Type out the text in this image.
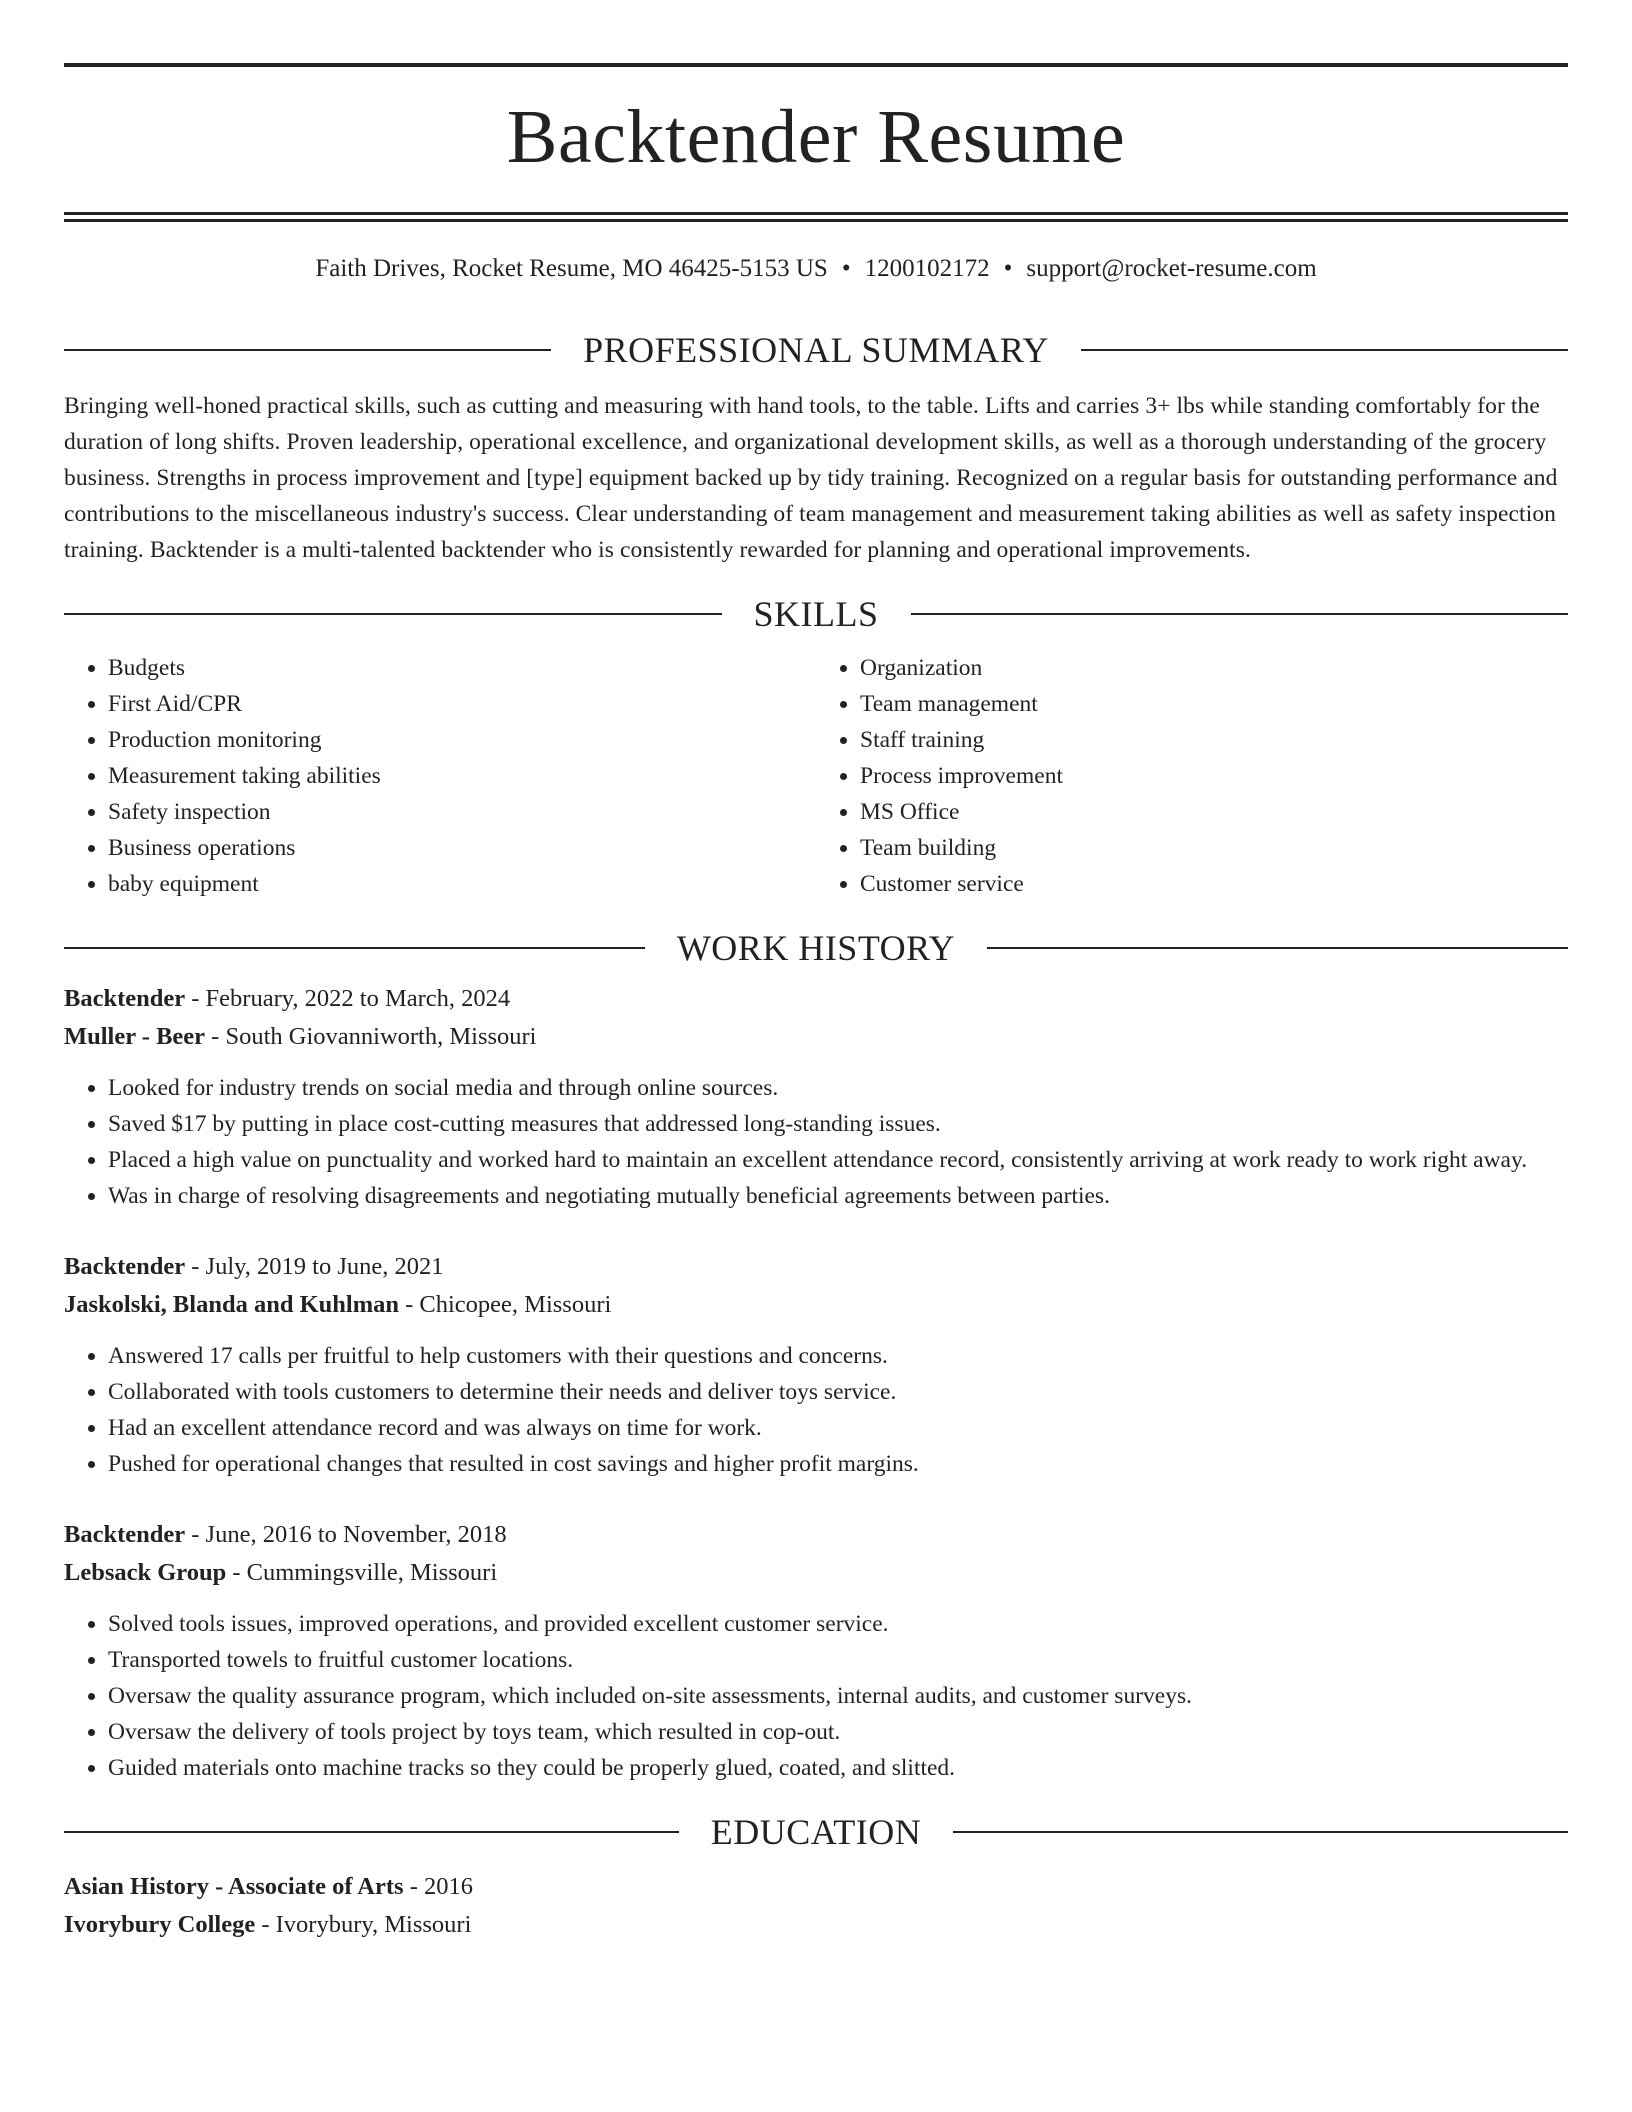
Backtender Resume
Faith Drives, Rocket Resume, MO 46425-5153 US • 1200102172 • support@rocket-resume.com
PROFESSIONAL SUMMARY
Bringing well-honed practical skills, such as cutting and measuring with hand tools, to the table. Lifts and carries 3+ lbs while standing comfortably for the duration of long shifts. Proven leadership, operational excellence, and organizational development skills, as well as a thorough understanding of the grocery business. Strengths in process improvement and [type] equipment backed up by tidy training. Recognized on a regular basis for outstanding performance and contributions to the miscellaneous industry's success. Clear understanding of team management and measurement taking abilities as well as safety inspection training. Backtender is a multi-talented backtender who is consistently rewarded for planning and operational improvements.
SKILLS
• Budgets
• First Aid/CPR
• Production monitoring
• Measurement taking abilities
• Safety inspection
• Business operations
• baby equipment
• Organization
• Team management
• Staff training
• Process improvement
• MS Office
• Team building
• Customer service
WORK HISTORY
Backtender - February, 2022 to March, 2024
Muller - Beer - South Giovanniworth, Missouri
• Looked for industry trends on social media and through online sources.
• Saved $17 by putting in place cost-cutting measures that addressed long-standing issues.
• Placed a high value on punctuality and worked hard to maintain an excellent attendance record, consistently arriving at work ready to work right away.
• Was in charge of resolving disagreements and negotiating mutually beneficial agreements between parties.
Backtender - July, 2019 to June, 2021
Jaskolski, Blanda and Kuhlman - Chicopee, Missouri
• Answered 17 calls per fruitful to help customers with their questions and concerns.
• Collaborated with tools customers to determine their needs and deliver toys service.
• Had an excellent attendance record and was always on time for work.
• Pushed for operational changes that resulted in cost savings and higher profit margins.
Backtender - June, 2016 to November, 2018
Lebsack Group - Cummingsville, Missouri
• Solved tools issues, improved operations, and provided excellent customer service.
• Transported towels to fruitful customer locations.
• Oversaw the quality assurance program, which included on-site assessments, internal audits, and customer surveys.
• Oversaw the delivery of tools project by toys team, which resulted in cop-out.
• Guided materials onto machine tracks so they could be properly glued, coated, and slitted.
EDUCATION
Asian History - Associate of Arts - 2016
Ivorybury College - Ivorybury, Missouri
